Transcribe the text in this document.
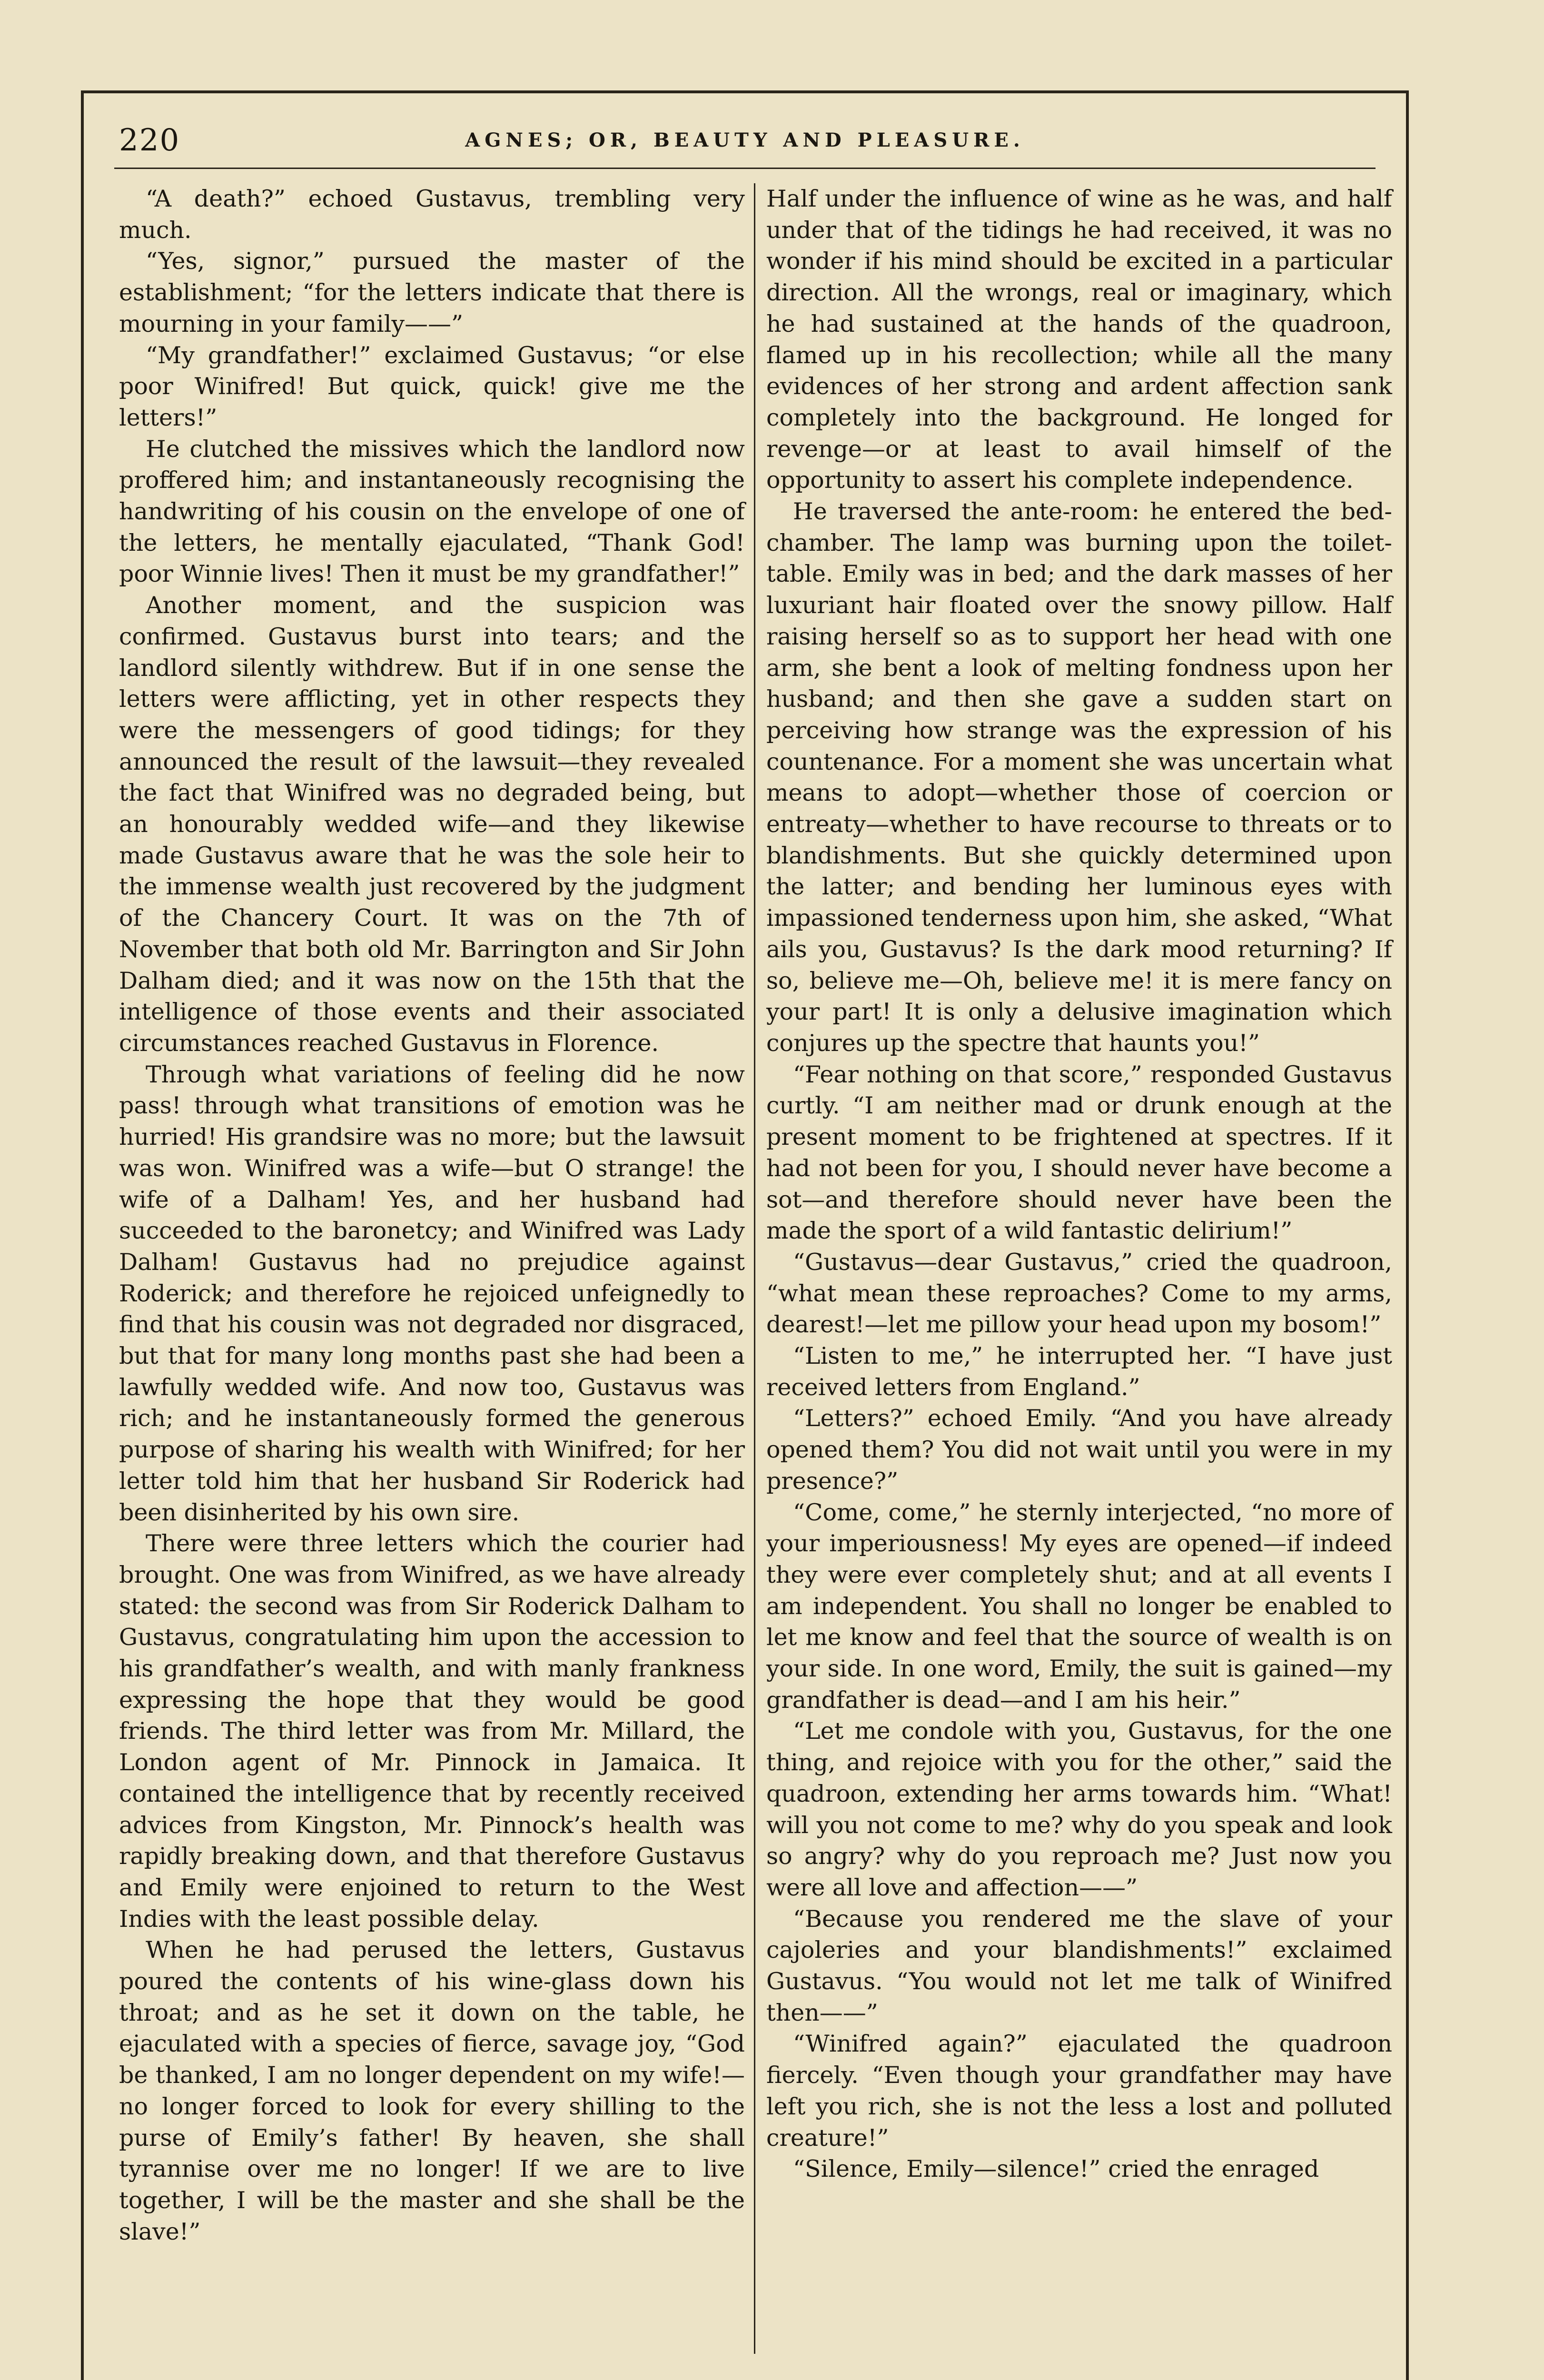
220	AGNES; OR, BEAUTY AND PLEASURE.

“A death?” echoed Gustavus, trembling very much.

“Yes, signor,” pursued the master of the establishment; “for the letters indicate that there is mourning in your family——”

“My grandfather!” exclaimed Gustavus; “or else poor Winifred! But quick, quick! give me the letters!”

He clutched the missives which the landlord now proffered him; and instantaneously recognising the handwriting of his cousin on the envelope of one of the letters, he mentally ejaculated, “Thank God! poor Winnie lives! Then it must be my grandfather!”

Another moment, and the suspicion was confirmed. Gustavus burst into tears; and the landlord silently withdrew. But if in one sense the letters were afflicting, yet in other respects they were the messengers of good tidings; for they announced the result of the lawsuit—they revealed the fact that Winifred was no degraded being, but an honourably wedded wife—and they likewise made Gustavus aware that he was the sole heir to the immense wealth just recovered by the judgment of the Chancery Court. It was on the 7th of November that both old Mr. Barrington and Sir John Dalham died; and it was now on the 15th that the intelligence of those events and their associated circumstances reached Gustavus in Florence.

Through what variations of feeling did he now pass! through what transitions of emotion was he hurried! His grandsire was no more; but the lawsuit was won. Winifred was a wife—but O strange! the wife of a Dalham! Yes, and her husband had succeeded to the baronetcy; and Winifred was Lady Dalham! Gustavus had no prejudice against Roderick; and therefore he rejoiced unfeignedly to find that his cousin was not degraded nor disgraced, but that for many long months past she had been a lawfully wedded wife. And now too, Gustavus was rich; and he instantaneously formed the generous purpose of sharing his wealth with Winifred; for her letter told him that her husband Sir Roderick had been disinherited by his own sire.

There were three letters which the courier had brought. One was from Winifred, as we have already stated: the second was from Sir Roderick Dalham to Gustavus, congratulating him upon the accession to his grandfather’s wealth, and with manly frankness expressing the hope that they would be good friends. The third letter was from Mr. Millard, the London agent of Mr. Pinnock in Jamaica. It contained the intelligence that by recently received advices from Kingston, Mr. Pinnock’s health was rapidly breaking down, and that therefore Gustavus and Emily were enjoined to return to the West Indies with the least possible delay.

When he had perused the letters, Gustavus poured the contents of his wine-glass down his throat; and as he set it down on the table, he ejaculated with a species of fierce, savage joy, “God be thanked, I am no longer dependent on my wife!—no longer forced to look for every shilling to the purse of Emily’s father! By heaven, she shall tyrannise over me no longer! If we are to live together, I will be the master and she shall be the slave!”

Half under the influence of wine as he was, and half under that of the tidings he had received, it was no wonder if his mind should be excited in a particular direction. All the wrongs, real or imaginary, which he had sustained at the hands of the quadroon, flamed up in his recollection; while all the many evidences of her strong and ardent affection sank completely into the background. He longed for revenge—or at least to avail himself of the opportunity to assert his complete independence.

He traversed the ante-room: he entered the bed-chamber. The lamp was burning upon the toilet-table. Emily was in bed; and the dark masses of her luxuriant hair floated over the snowy pillow. Half raising herself so as to support her head with one arm, she bent a look of melting fondness upon her husband; and then she gave a sudden start on perceiving how strange was the expression of his countenance. For a moment she was uncertain what means to adopt—whether those of coercion or entreaty—whether to have recourse to threats or to blandishments. But she quickly determined upon the latter; and bending her luminous eyes with impassioned tenderness upon him, she asked, “What ails you, Gustavus? Is the dark mood returning? If so, believe me—Oh, believe me! it is mere fancy on your part! It is only a delusive imagination which conjures up the spectre that haunts you!”

“Fear nothing on that score,” responded Gustavus curtly. “I am neither mad or drunk enough at the present moment to be frightened at spectres. If it had not been for you, I should never have become a sot—and therefore should never have been the made the sport of a wild fantastic delirium!”

“Gustavus—dear Gustavus,” cried the quadroon, “what mean these reproaches? Come to my arms, dearest!—let me pillow your head upon my bosom!”

“Listen to me,” he interrupted her. “I have just received letters from England.”

“Letters?” echoed Emily. “And you have already opened them? You did not wait until you were in my presence?”

“Come, come,” he sternly interjected, “no more of your imperiousness! My eyes are opened—if indeed they were ever completely shut; and at all events I am independent. You shall no longer be enabled to let me know and feel that the source of wealth is on your side. In one word, Emily, the suit is gained—my grandfather is dead—and I am his heir.”

“Let me condole with you, Gustavus, for the one thing, and rejoice with you for the other,” said the quadroon, extending her arms towards him. “What! will you not come to me? why do you speak and look so angry? why do you reproach me? Just now you were all love and affection——”

“Because you rendered me the slave of your cajoleries and your blandishments!” exclaimed Gustavus. “You would not let me talk of Winifred then——”

“Winifred again?” ejaculated the quadroon fiercely. “Even though your grandfather may have left you rich, she is not the less a lost and polluted creature!”

“Silence, Emily—silence!” cried the enraged
